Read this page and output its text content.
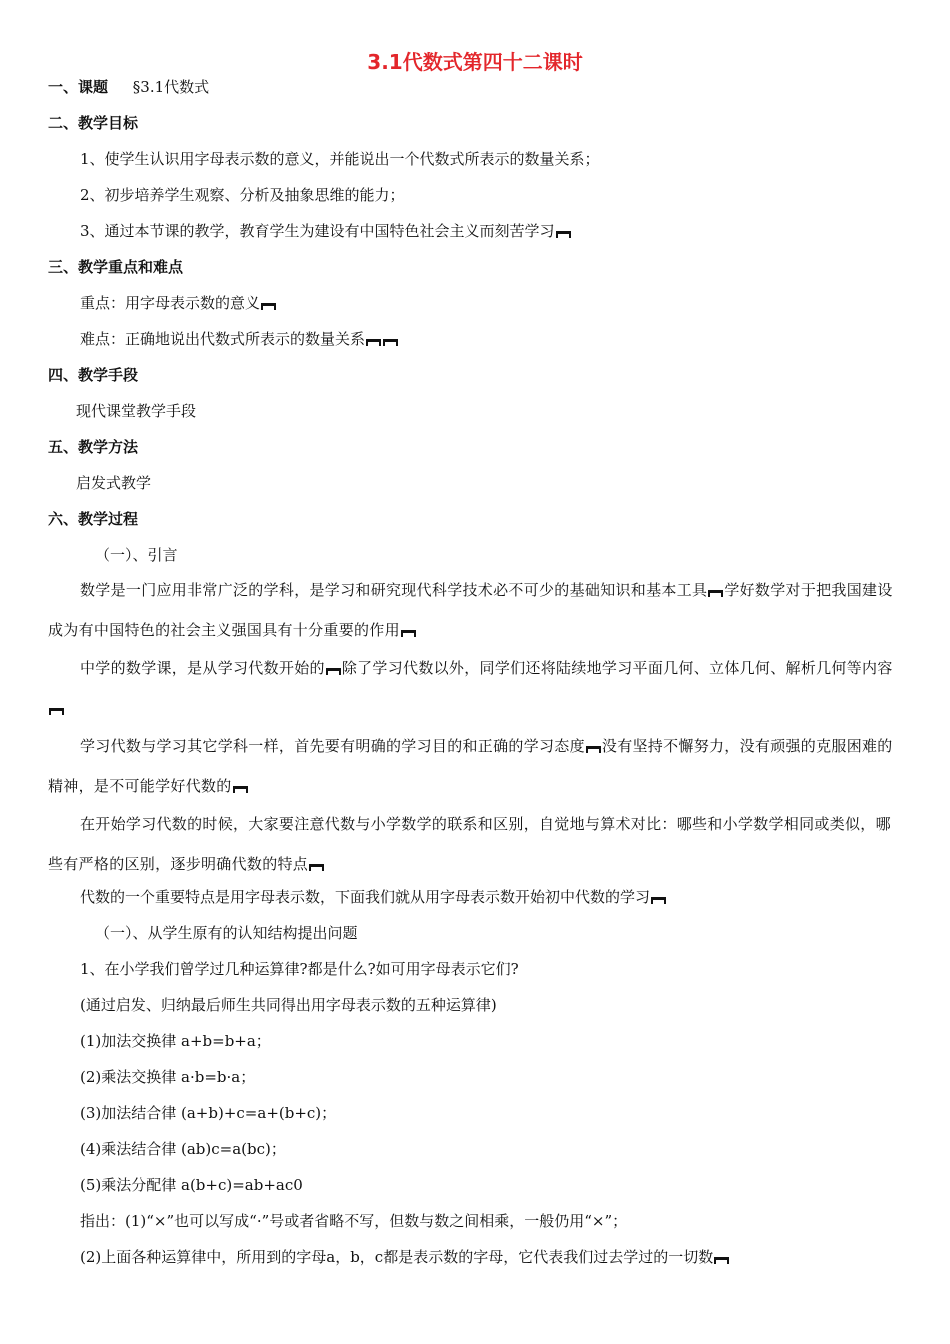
3.1代数式第四十二课时
一、课题 §3.1代数式
二、教学目标
1、使学生认识用字母表示数的意义，并能说出一个代数式所表示的数量关系；
2、初步培养学生观察、分析及抽象思维的能力；
3、通过本节课的教学，教育学生为建设有中国特色社会主义而刻苦学习
三、教学重点和难点
重点：用字母表示数的意义
难点：正确地说出代数式所表示的数量关系
四、教学手段
现代课堂教学手段
五、教学方法
启发式教学
六、教学过程
（一）、引言
数学是一门应用非常广泛的学科，是学习和研究现代科学技术必不可少的基础知识和基本工具 学好数学对于把我国建设成为有中国特色的社会主义强国具有十分重要的作用
中学的数学课，是从学习代数开始的 除了学习代数以外，同学们还将陆续地学习平面几何、立体几何、解析几何等内容
学习代数与学习其它学科一样，首先要有明确的学习目的和正确的学习态度 没有坚持不懈努力，没有顽强的克服困难的精神，是不可能学好代数的
在开始学习代数的时候，大家要注意代数与小学数学的联系和区别，自觉地与算术对比：哪些和小学数学相同或类似，哪些有严格的区别，逐步明确代数的特点
代数的一个重要特点是用字母表示数，下面我们就从用字母表示数开始初中代数的学习
（一）、从学生原有的认知结构提出问题
1、在小学我们曾学过几种运算律?都是什么?如可用字母表示它们?
(通过启发、归纳最后师生共同得出用字母表示数的五种运算律)
(1)加法交换律 a+b=b+a；
(2)乘法交换律 a·b=b·a；
(3)加法结合律 (a+b)+c=a+(b+c)；
(4)乘法结合律 (ab)c=a(bc)；
(5)乘法分配律 a(b+c)=ab+ac0
指出：(1)“×”也可以写成“·”号或者省略不写，但数与数之间相乘，一般仍用“×”；
(2)上面各种运算律中，所用到的字母a，b，c都是表示数的字母，它代表我们过去学过的一切数
